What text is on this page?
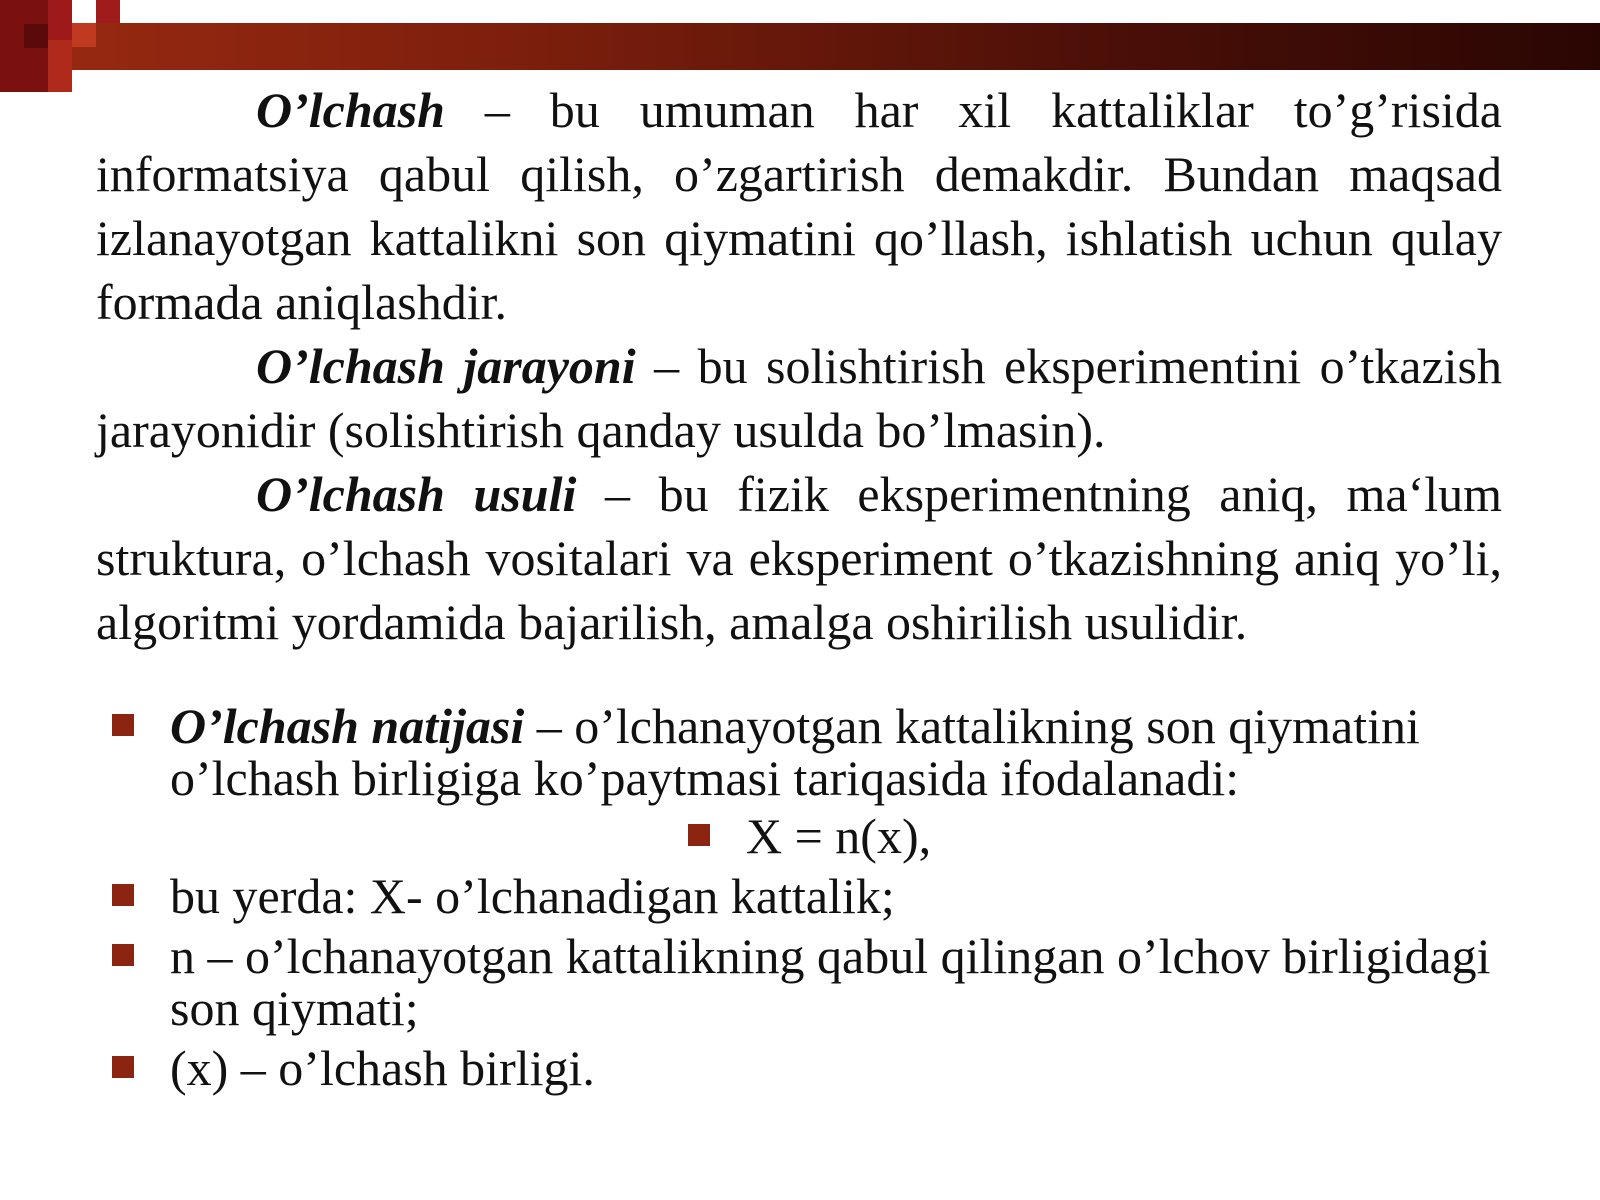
O’lchash – bu umuman har xil kattaliklar to’g’risida informatsiya qabul qilish, o’zgartirish demakdir. Bundan maqsad izlanayotgan kattalikni son qiymatini qo’llash, ishlatish uchun qulay formada aniqlashdir.

O’lchash jarayoni – bu solishtirish eksperimentini o’tkazish jarayonidir (solishtirish qanday usulda bo’lmasin).

O’lchash usuli – bu fizik eksperimentning aniq, ma‘lum struktura, o’lchash vositalari va eksperiment o’tkazishning aniq yo’li, algoritmi yordamida bajarilish, amalga oshirilish usulidir.

O’lchash natijasi – o’lchanayotgan kattalikning son qiymatini o’lchash birligiga ko’paytmasi tariqasida ifodalanadi:
X = n(x),
bu yerda: X- o’lchanadigan kattalik;
n – o’lchanayotgan kattalikning qabul qilingan o’lchov birligidagi son qiymati;
(x) – o’lchash birligi.
